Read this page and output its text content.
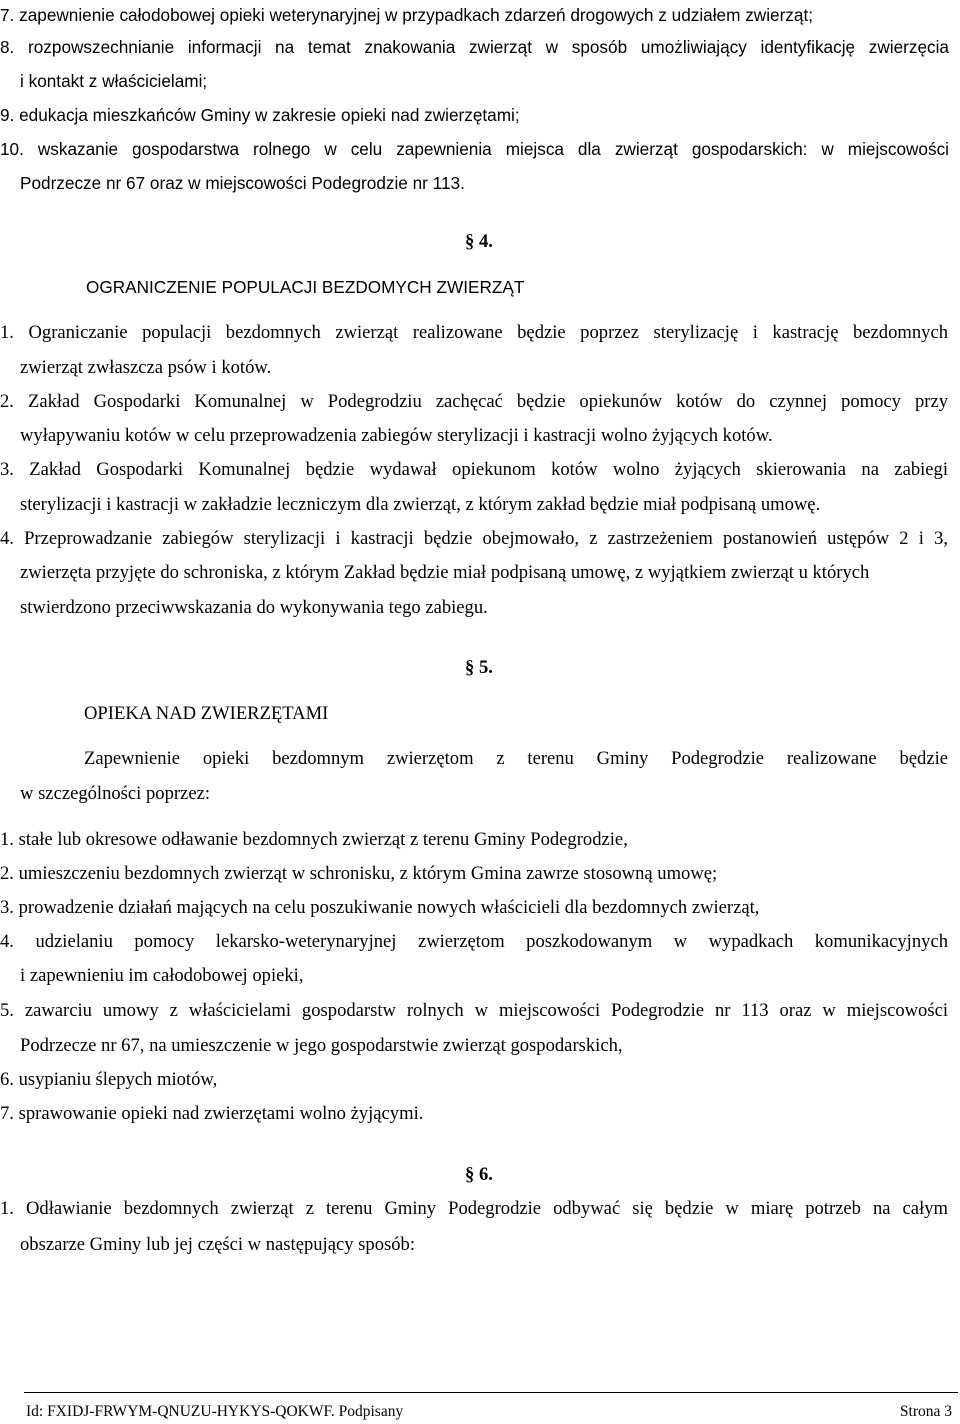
7. zapewnienie całodobowej opieki weterynaryjnej w przypadkach zdarzeń drogowych z udziałem zwierząt;
8. rozpowszechnianie informacji na temat znakowania zwierząt w sposób umożliwiający identyfikację zwierzęcia
i kontakt z właścicielami;
9. edukacja mieszkańców Gminy w zakresie opieki nad zwierzętami;
10. wskazanie gospodarstwa rolnego w celu zapewnienia miejsca dla zwierząt gospodarskich: w miejscowości
Podrzecze nr 67 oraz w miejscowości Podegrodzie nr 113.
§ 4.
OGRANICZENIE POPULACJI BEZDOMYCH ZWIERZĄT
1. Ograniczanie populacji bezdomnych zwierząt realizowane będzie poprzez sterylizację i kastrację bezdomnych
zwierząt zwłaszcza psów i kotów.
2. Zakład Gospodarki Komunalnej w Podegrodziu zachęcać będzie opiekunów kotów do czynnej pomocy przy
wyłapywaniu kotów w celu przeprowadzenia zabiegów sterylizacji i kastracji wolno żyjących kotów.
3. Zakład Gospodarki Komunalnej będzie wydawał opiekunom kotów wolno żyjących skierowania na zabiegi
sterylizacji i kastracji w zakładzie leczniczym dla zwierząt, z którym zakład będzie miał podpisaną umowę.
4. Przeprowadzanie zabiegów sterylizacji i kastracji będzie obejmowało, z zastrzeżeniem postanowień ustępów 2 i 3,
zwierzęta przyjęte do schroniska, z którym Zakład będzie miał podpisaną umowę, z wyjątkiem zwierząt u których
stwierdzono przeciwwskazania do wykonywania tego zabiegu.
§ 5.
OPIEKA NAD ZWIERZĘTAMI
Zapewnienie opieki bezdomnym zwierzętom z terenu Gminy Podegrodzie realizowane będzie
w szczególności poprzez:
1. stałe lub okresowe odławanie bezdomnych zwierząt z terenu Gminy Podegrodzie,
2. umieszczeniu bezdomnych zwierząt w schronisku, z którym Gmina zawrze stosowną umowę;
3. prowadzenie działań mających na celu poszukiwanie nowych właścicieli dla bezdomnych zwierząt,
4. udzielaniu pomocy lekarsko-weterynaryjnej zwierzętom poszkodowanym w wypadkach komunikacyjnych
i zapewnieniu im całodobowej opieki,
5. zawarciu umowy z właścicielami gospodarstw rolnych w miejscowości Podegrodzie nr 113 oraz w miejscowości
Podrzecze nr 67, na umieszczenie w jego gospodarstwie zwierząt gospodarskich,
6. usypianiu ślepych miotów,
7. sprawowanie opieki nad zwierzętami wolno żyjącymi.
§ 6.
1. Odławianie bezdomnych zwierząt z terenu Gminy Podegrodzie odbywać się będzie w miarę potrzeb na całym
obszarze Gminy lub jej części w następujący sposób:
Id: FXIDJ-FRWYM-QNUZU-HYKYS-QOKWF. Podpisany	Strona 3
